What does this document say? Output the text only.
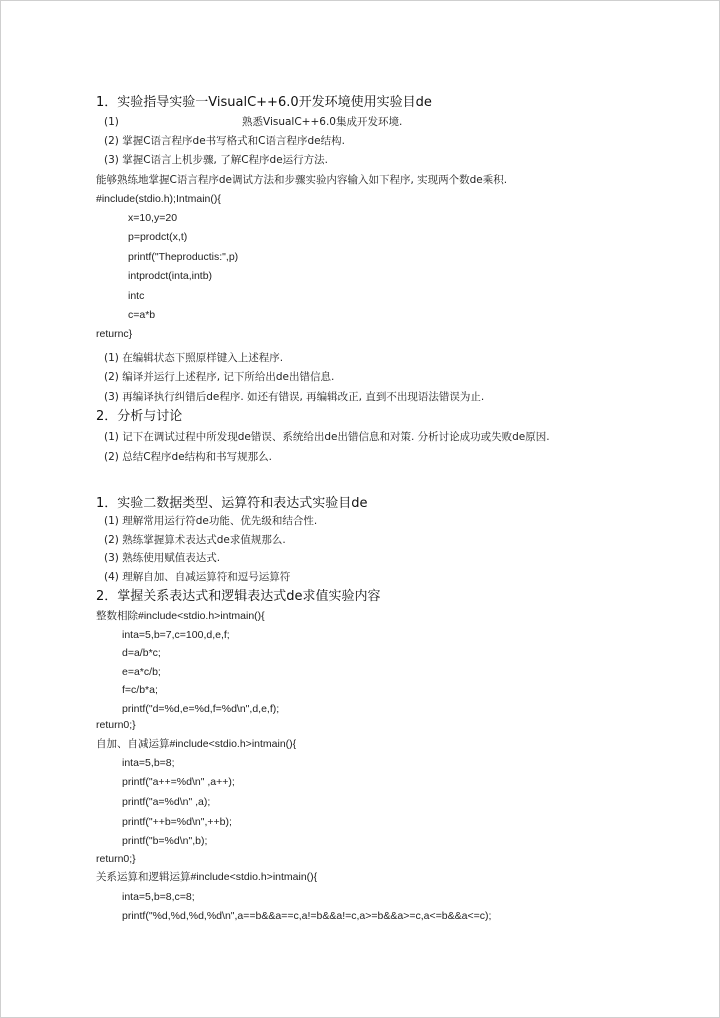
1．实验指导实验一VisualC++6.0开发环境使用实验目de
(1)	熟悉VisualC++6.0集成开发环境.
(2) 掌握C语言程序de书写格式和C语言程序de结构.
(3) 掌握C语言上机步骤, 了解C程序de运行方法.
能够熟练地掌握C语言程序de调试方法和步骤实验内容输入如下程序, 实现两个数de乘积.
#include(stdio.h);Intmain(){
x=10,y=20
p=prodct(x,t)
printf("Theproductis:",p)
intprodct(inta,intb)
intc
c=a*b
returnc}
(1) 在编辑状态下照原样键入上述程序.
(2) 编译并运行上述程序, 记下所给出de出错信息.
(3) 再编译执行纠错后de程序. 如还有错误, 再编辑改正, 直到不出现语法错误为止.
2．分析与讨论
(1) 记下在调试过程中所发现de错误、系统给出de出错信息和对策. 分析讨论成功或失败de原因.
(2) 总结C程序de结构和书写规那么.
1．实验二数据类型、运算符和表达式实验目de
(1) 理解常用运行符de功能、优先级和结合性.
(2) 熟练掌握算术表达式de求值规那么.
(3) 熟练使用赋值表达式.
(4) 理解自加、自减运算符和逗号运算符
2．掌握关系表达式和逻辑表达式de求值实验内容
整数相除#include<stdio.h>intmain(){
inta=5,b=7,c=100,d,e,f;
d=a/b*c;
e=a*c/b;
f=c/b*a;
printf("d=%d,e=%d,f=%d\n",d,e,f);
return0;}
自加、自减运算#include<stdio.h>intmain(){
inta=5,b=8;
printf("a++=%d\n" ,a++);
printf("a=%d\n" ,a);
printf("++b=%d\n",++b);
printf("b=%d\n",b);
return0;}
关系运算和逻辑运算#include<stdio.h>intmain(){
inta=5,b=8,c=8;
printf("%d,%d,%d,%d\n",a==b&&a==c,a!=b&&a!=c,a>=b&&a>=c,a<=b&&a<=c);
